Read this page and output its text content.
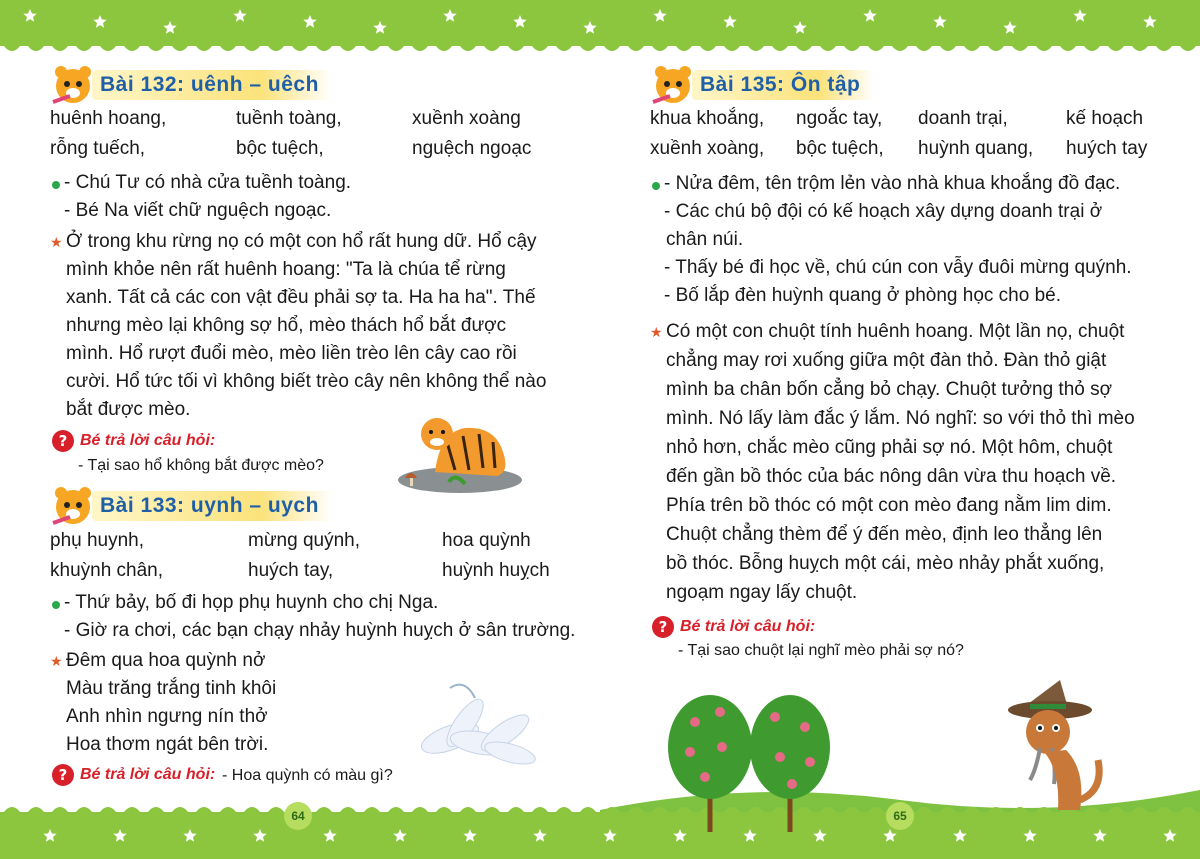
Bài 132: uênh – uêch
huênh hoang,	tuềnh toàng,	xuềnh xoàng
rỗng tuếch,	bộc tuệch,	nguệch ngoạc
- Chú Tư có nhà cửa tuềnh toàng.
- Bé Na viết chữ nguệch ngoạc.
★ Ở trong khu rừng nọ có một con hổ rất hung dữ. Hổ cậy
mình khỏe nên rất huênh hoang: "Ta là chúa tể rừng
xanh. Tất cả các con vật đều phải sợ ta. Ha ha ha". Thế
nhưng mèo lại không sợ hổ, mèo thách hổ bắt được
mình. Hổ rượt đuổi mèo, mèo liền trèo lên cây cao rồi
cười. Hổ tức tối vì không biết trèo cây nên không thể nào
bắt được mèo.
? Bé trả lời câu hỏi:
- Tại sao hổ không bắt được mèo?
Bài 133: uynh – uych
phụ huynh,	mừng quýnh,	hoa quỳnh
khuỳnh chân,	huých tay,	huỳnh huỵch
- Thứ bảy, bố đi họp phụ huynh cho chị Nga.
- Giờ ra chơi, các bạn chạy nhảy huỳnh huỵch ở sân trường.
★ Đêm qua hoa quỳnh nở
Màu trăng trắng tinh khôi
Anh nhìn ngưng nín thở
Hoa thơm ngát bên trời.
? Bé trả lời câu hỏi: - Hoa quỳnh có màu gì?
64
Bài 135: Ôn tập
khua khoắng, ngoắc tay, doanh trại,	kế hoạch
xuềnh xoàng, bộc tuệch, huỳnh quang, huých tay
- Nửa đêm, tên trộm lẻn vào nhà khua khoắng đồ đạc.
- Các chú bộ đội có kế hoạch xây dựng doanh trại ở
chân núi.
- Thấy bé đi học về, chú cún con vẫy đuôi mừng quýnh.
- Bố lắp đèn huỳnh quang ở phòng học cho bé.
★ Có một con chuột tính huênh hoang. Một lần nọ, chuột
chẳng may rơi xuống giữa một đàn thỏ. Đàn thỏ giật
mình ba chân bốn cẳng bỏ chạy. Chuột tưởng thỏ sợ
mình. Nó lấy làm đắc ý lắm. Nó nghĩ: so với thỏ thì mèo
nhỏ hơn, chắc mèo cũng phải sợ nó. Một hôm, chuột
đến gần bồ thóc của bác nông dân vừa thu hoạch về.
Phía trên bồ thóc có một con mèo đang nằm lim dim.
Chuột chẳng thèm để ý đến mèo, định leo thẳng lên
bồ thóc. Bỗng huỵch một cái, mèo nhảy phắt xuống,
ngoạm ngay lấy chuột.
? Bé trả lời câu hỏi:
- Tại sao chuột lại nghĩ mèo phải sợ nó?
65
